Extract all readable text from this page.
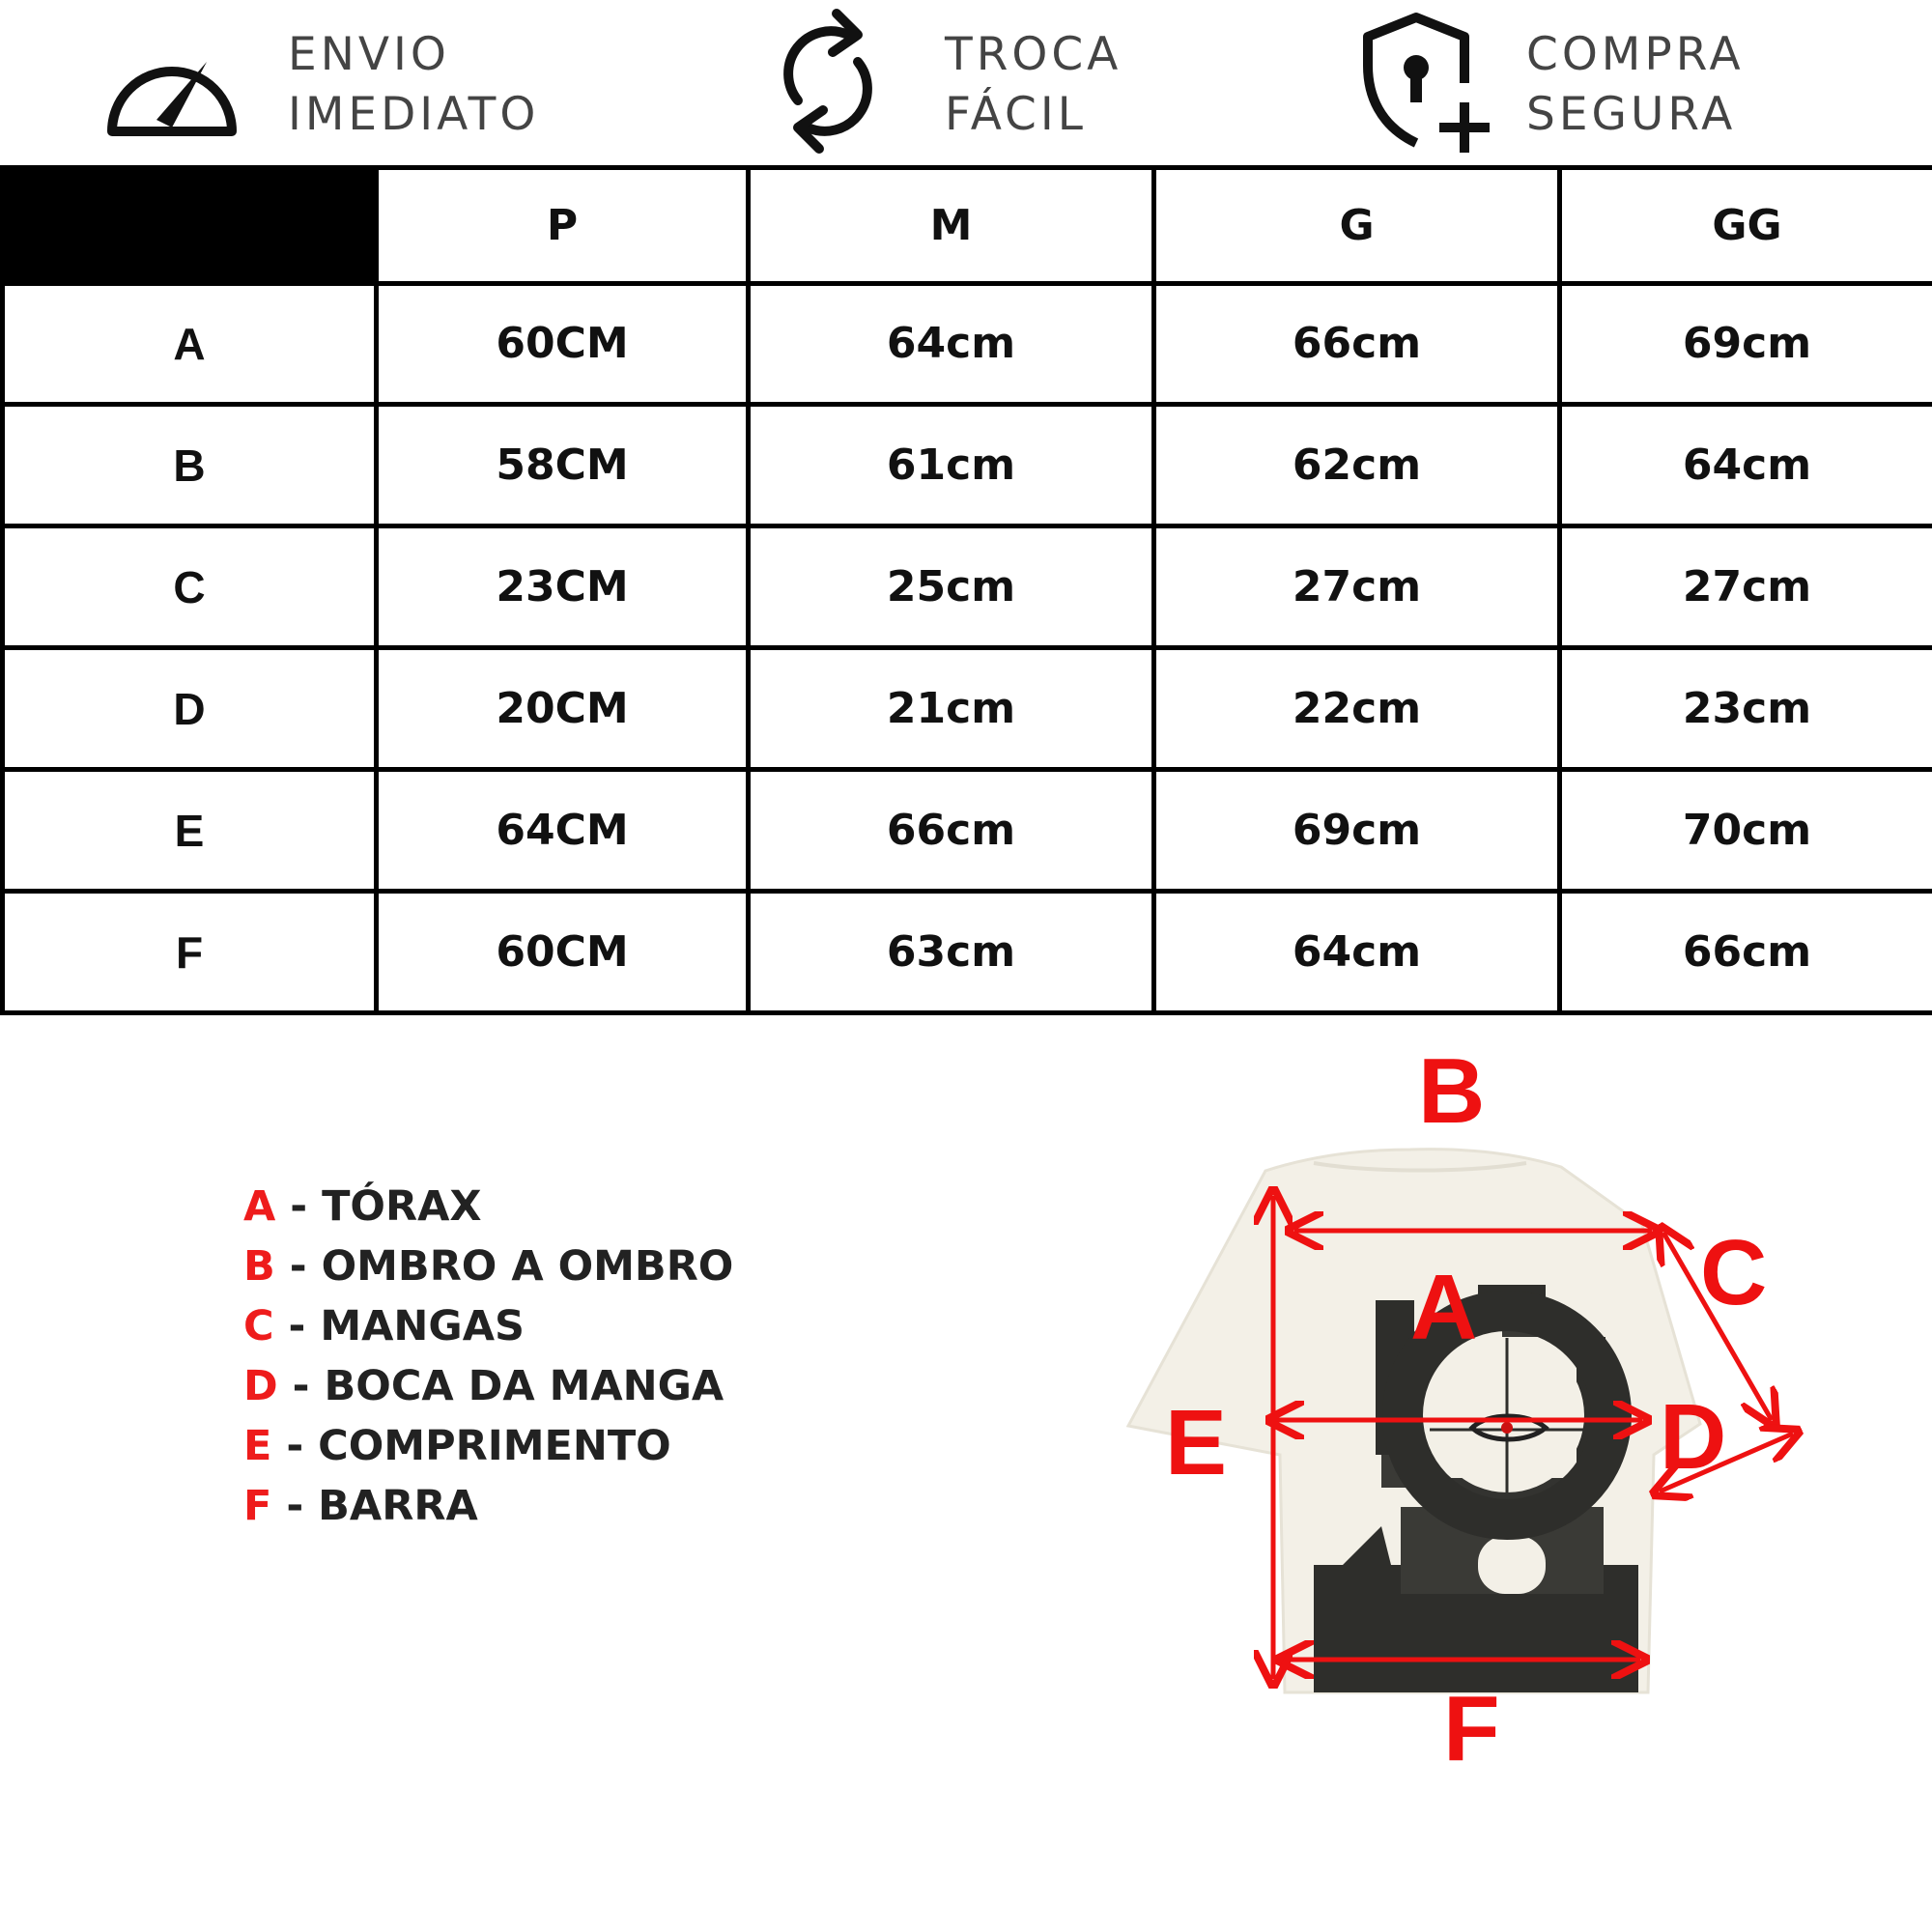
ENVIO
IMEDIATO
TROCA
FÁCIL
COMPRA
SEGURA
	P	M	G	GG
A	60CM	64cm	66cm	69cm
B	58CM	61cm	62cm	64cm
C	23CM	25cm	27cm	27cm
D	20CM	21cm	22cm	23cm
E	64CM	66cm	69cm	70cm
F	60CM	63cm	64cm	66cm
A - TÓRAX
B - OMBRO A OMBRO
C - MANGAS
D - BOCA DA MANGA
E - COMPRIMENTO
F - BARRA
B
A C
D
E
F
